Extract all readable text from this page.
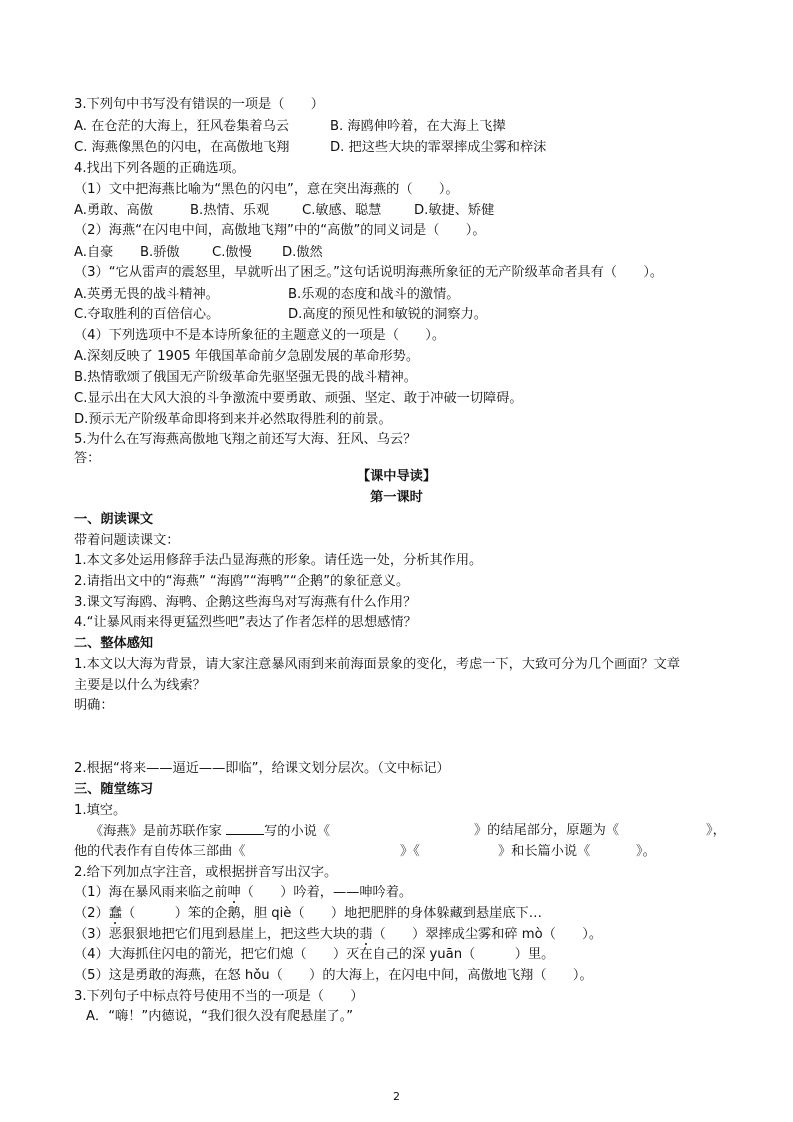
3.下列句中书写没有错误的一项是（　　）
A. 在仓茫的大海上，狂风卷集着乌云	B. 海鸥伸吟着，在大海上飞撵
C. 海燕像黑色的闪电，在高傲地飞翔	D. 把这些大块的霏翠摔成尘雾和梓沫
4.找出下列各题的正确选项。
（1）文中把海燕比喻为“黑色的闪电”，意在突出海燕的（　　）。
A.勇敢、高傲	B.热情、乐观 C.敏感、聪慧 D.敏捷、矫健
（2）海燕“在闪电中间，高傲地飞翔”中的“高傲”的同义词是（　　）。
A.自豪 B.骄傲 C.傲慢 D.傲然
（3）“它从雷声的震怒里，早就听出了困乏。”这句话说明海燕所象征的无产阶级革命者具有（　　）。
A.英勇无畏的战斗精神。	B.乐观的态度和战斗的激情。
C.夺取胜利的百倍信心。	D.高度的预见性和敏锐的洞察力。
（4）下列选项中不是本诗所象征的主题意义的一项是（　　）。
A.深刻反映了 1905 年俄国革命前夕急剧发展的革命形势。
B.热情歌颂了俄国无产阶级革命先驱坚强无畏的战斗精神。
C.显示出在大风大浪的斗争激流中要勇敢、顽强、坚定、敢于冲破一切障碍。
D.预示无产阶级革命即将到来并必然取得胜利的前景。
5.为什么在写海燕高傲地飞翔之前还写大海、狂风、乌云？
答：
【课中导读】
第一课时
一、朗读课文
带着问题读课文：
1.本文多处运用修辞手法凸显海燕的形象。请任选一处，分析其作用。
2.请指出文中的“海燕” “海鸥”“海鸭”“企鹅”的象征意义。
3.课文写海鸥、海鸭、企鹅这些海鸟对写海燕有什么作用？
4.“让暴风雨来得更猛烈些吧”表达了作者怎样的思想感情？
二、整体感知
1.本文以大海为背景，请大家注意暴风雨到来前海面景象的变化，考虑一下，大致可分为几个画面？文章
主要是以什么为线索？
明确：
2.根据“将来——逼近——即临”，给课文划分层次。（文中标记）
三、随堂练习
1.填空。
《海燕》是前苏联作家	写的小说《	》的结尾部分，原题为《	》，
他的代表作有自传体三部曲《	》《	》和长篇小说《	》。
2.给下列加点字注音，或根据拼音写出汉字。
（1）海在暴风雨来临之前呻（　　）吟着，——呻吟着。
（2）蠢（　　　）笨的企鹅，胆 qiè（　　）地把肥胖的身体躲藏到悬崖底下…
（3）恶狠狠地把它们甩到悬崖上，把这些大块的翡（　　）翠摔成尘雾和碎 mò（　　）。
（4）大海抓住闪电的箭光，把它们熄（　　）灭在自己的深 yuān（　　　）里。
（5）这是勇敢的海燕，在怒 hǒu（　　）的大海上，在闪电中间，高傲地飞翔（　　）。
3.下列句子中标点符号使用不当的一项是（　　）
A．“嗨！”内德说，“我们很久没有爬悬崖了。”
2
